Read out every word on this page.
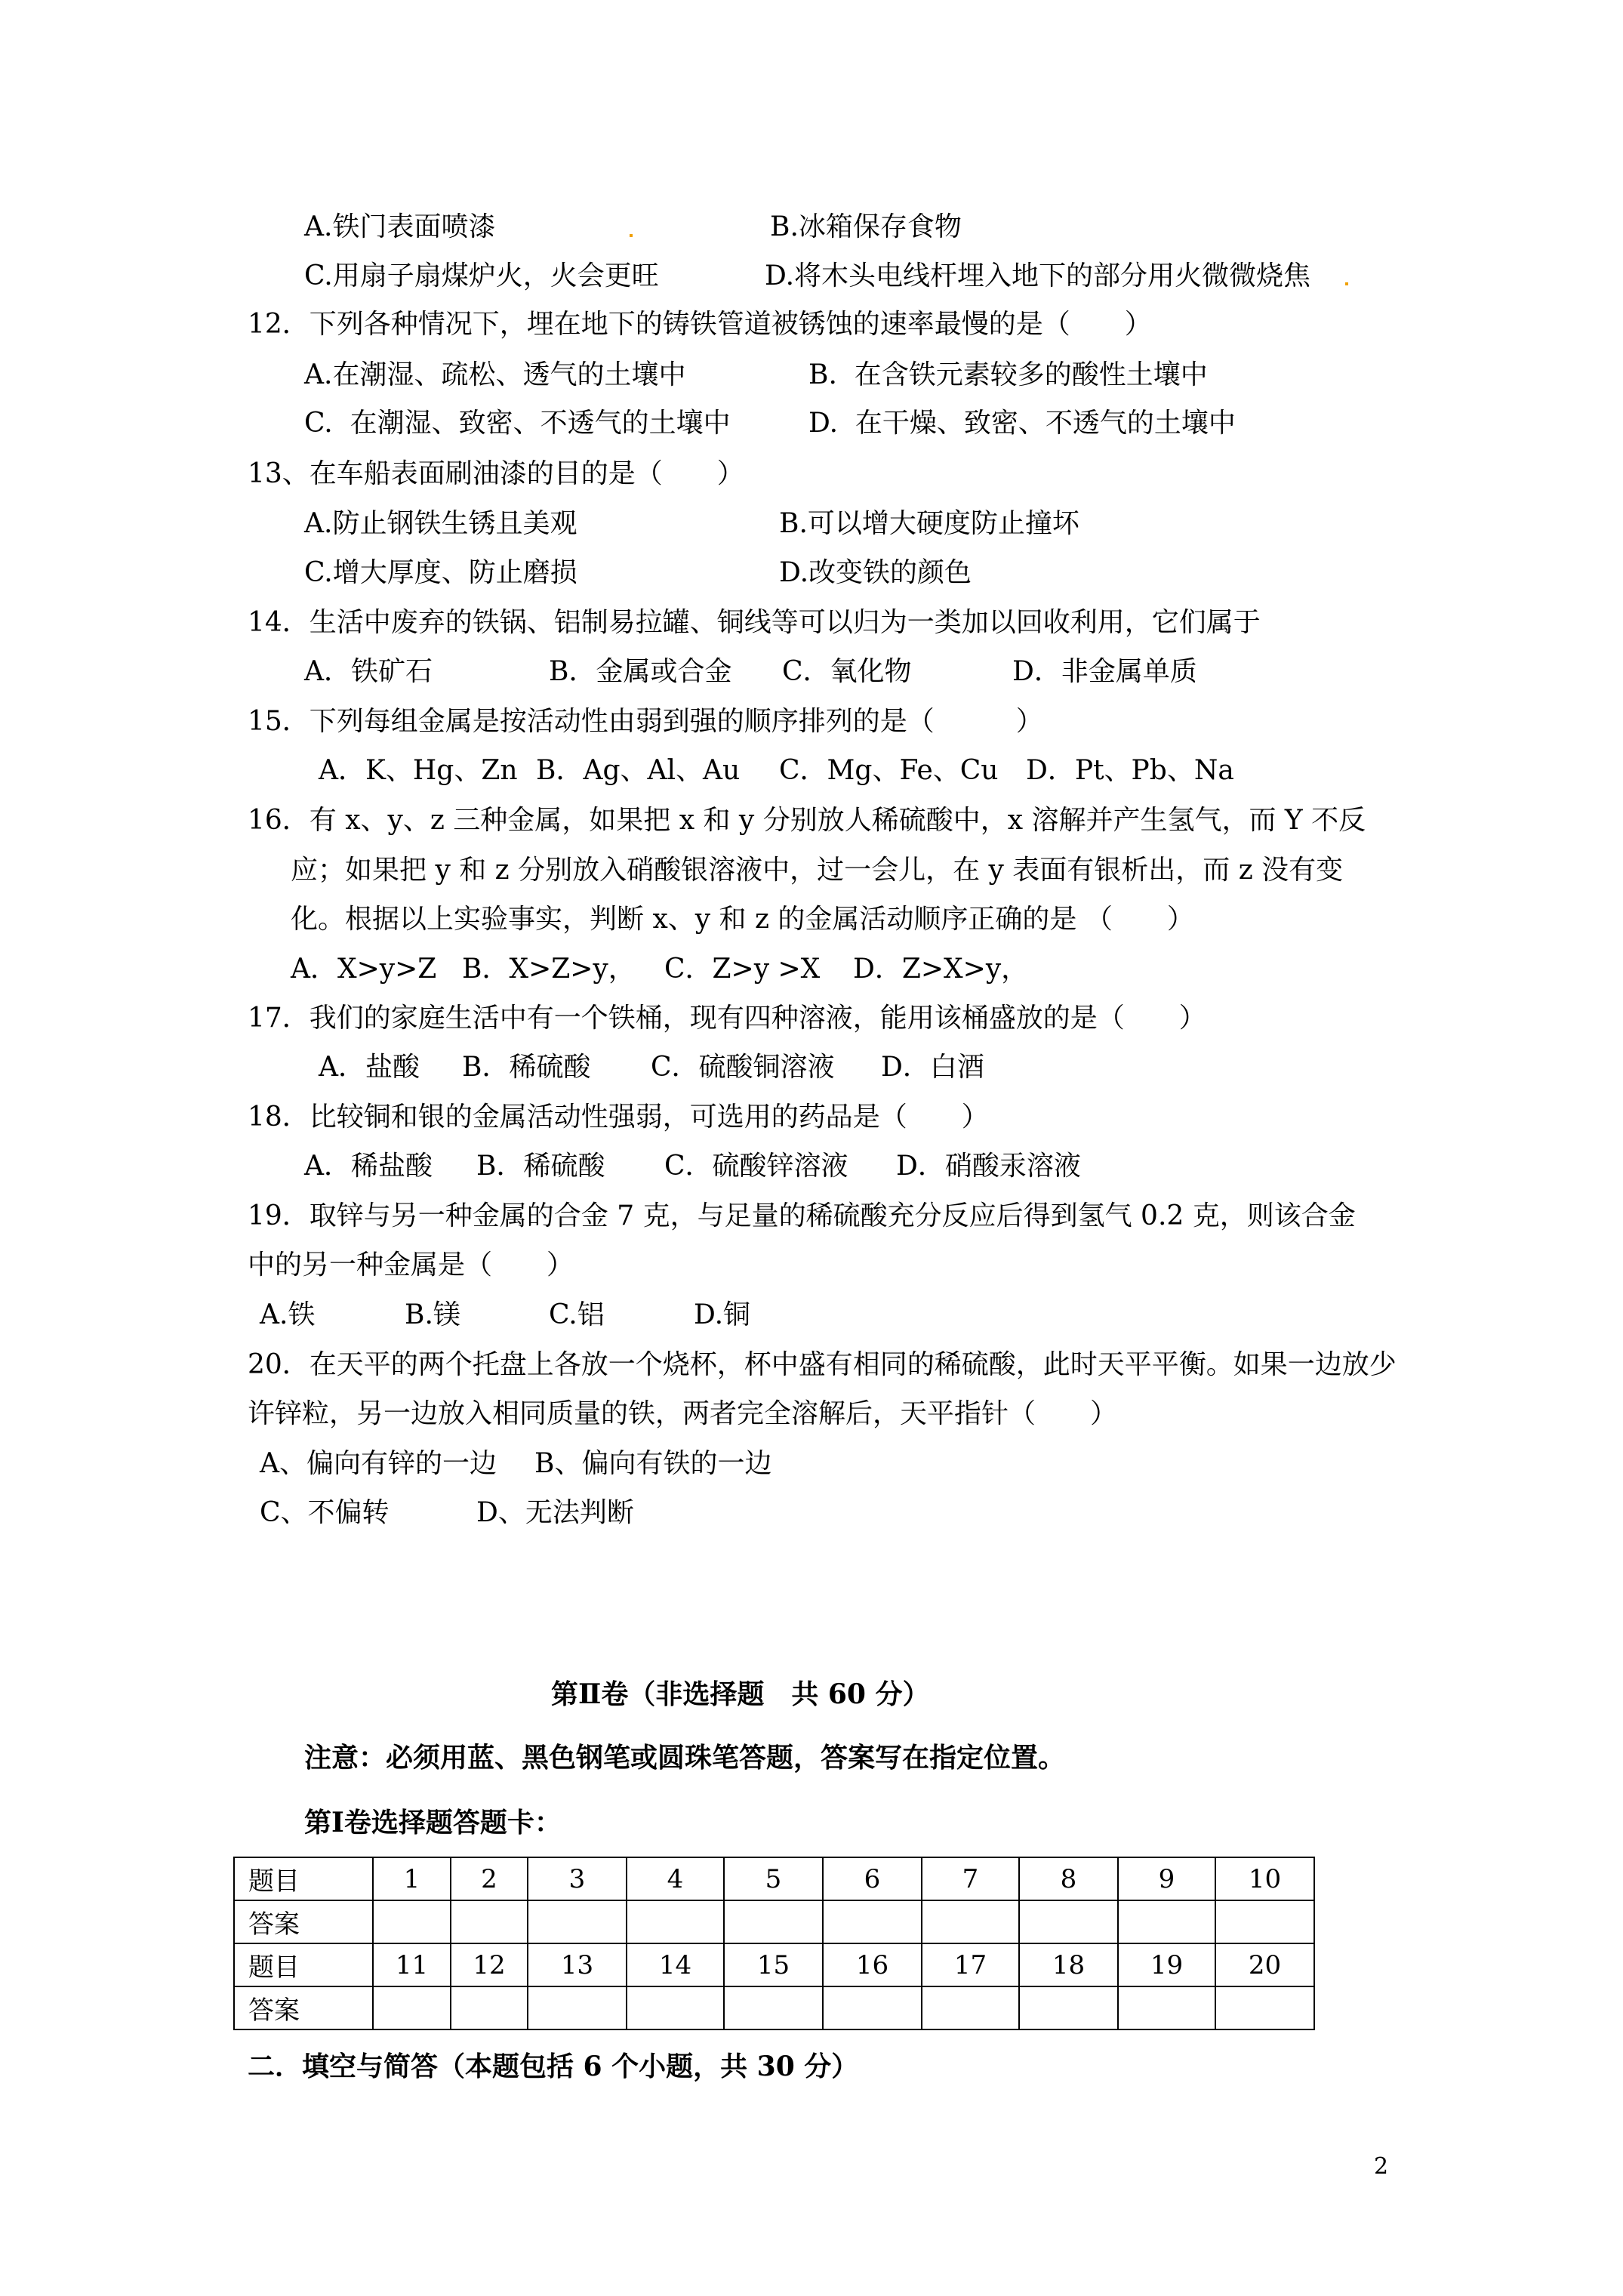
A.铁门表面喷漆	B.冰箱保存食物
C.用扇子扇煤炉火，火会更旺	D.将木头电线杆埋入地下的部分用火微微烧焦
12．下列各种情况下，埋在地下的铸铁管道被锈蚀的速率最慢的是（　　）
A.在潮湿、疏松、透气的土壤中	B.  在含铁元素较多的酸性土壤中
C.  在潮湿、致密、不透气的土壤中	D.  在干燥、致密、不透气的土壤中
13、在车船表面刷油漆的目的是（　　）
A.防止钢铁生锈且美观	B.可以增大硬度防止撞坏
C.增大厚度、防止磨损	D.改变铁的颜色
14．生活中废弃的铁锅、铝制易拉罐、铜线等可以归为一类加以回收利用，它们属于
A．铁矿石	B．金属或合金 C．氧化物	D．非金属单质
15．下列每组金属是按活动性由弱到强的顺序排列的是（　　　）
A．K、Hg、Zn B．Ag、Al、Au C．Mg、Fe、Cu D．Pt、Pb、Na
16．有 x、y、z 三种金属，如果把 x 和 y 分别放人稀硫酸中，x 溶解并产生氢气，而 Y 不反
应；如果把 y 和 z 分别放入硝酸银溶液中，过一会儿，在 y 表面有银析出，而 z 没有变
化。根据以上实验事实，判断 x、y 和 z 的金属活动顺序正确的是 （　　）
A．X>y>Z B．X>Z>y， C．Z>y >X D．Z>X>y，
17．我们的家庭生活中有一个铁桶，现有四种溶液，能用该桶盛放的是（　　）
A．盐酸 B．稀硫酸 C．硫酸铜溶液 D．白酒
18．比较铜和银的金属活动性强弱，可选用的药品是（　　）
A．稀盐酸 B．稀硫酸 C．硫酸锌溶液 D．硝酸汞溶液
19．取锌与另一种金属的合金 7 克，与足量的稀硫酸充分反应后得到氢气 0.2 克，则该合金
中的另一种金属是（　　）
A.铁	B.镁	C.铝	D.铜
20．在天平的两个托盘上各放一个烧杯，杯中盛有相同的稀硫酸，此时天平平衡。如果一边放少
许锌粒，另一边放入相同质量的铁，两者完全溶解后，天平指针（　　）
A、偏向有锌的一边 B、偏向有铁的一边
C、不偏转	D、无法判断
第Ⅱ卷（非选择题　共 60 分）
注意：必须用蓝、黑色钢笔或圆珠笔答题，答案写在指定位置。
第Ⅰ卷选择题答题卡：
题目	1	2	3	4	5	6	7	8	9	10
答案										
题目	11	12	13	14	15	16	17	18	19	20
答案										
二．填空与简答（本题包括 6 个小题，共 30 分）
2
